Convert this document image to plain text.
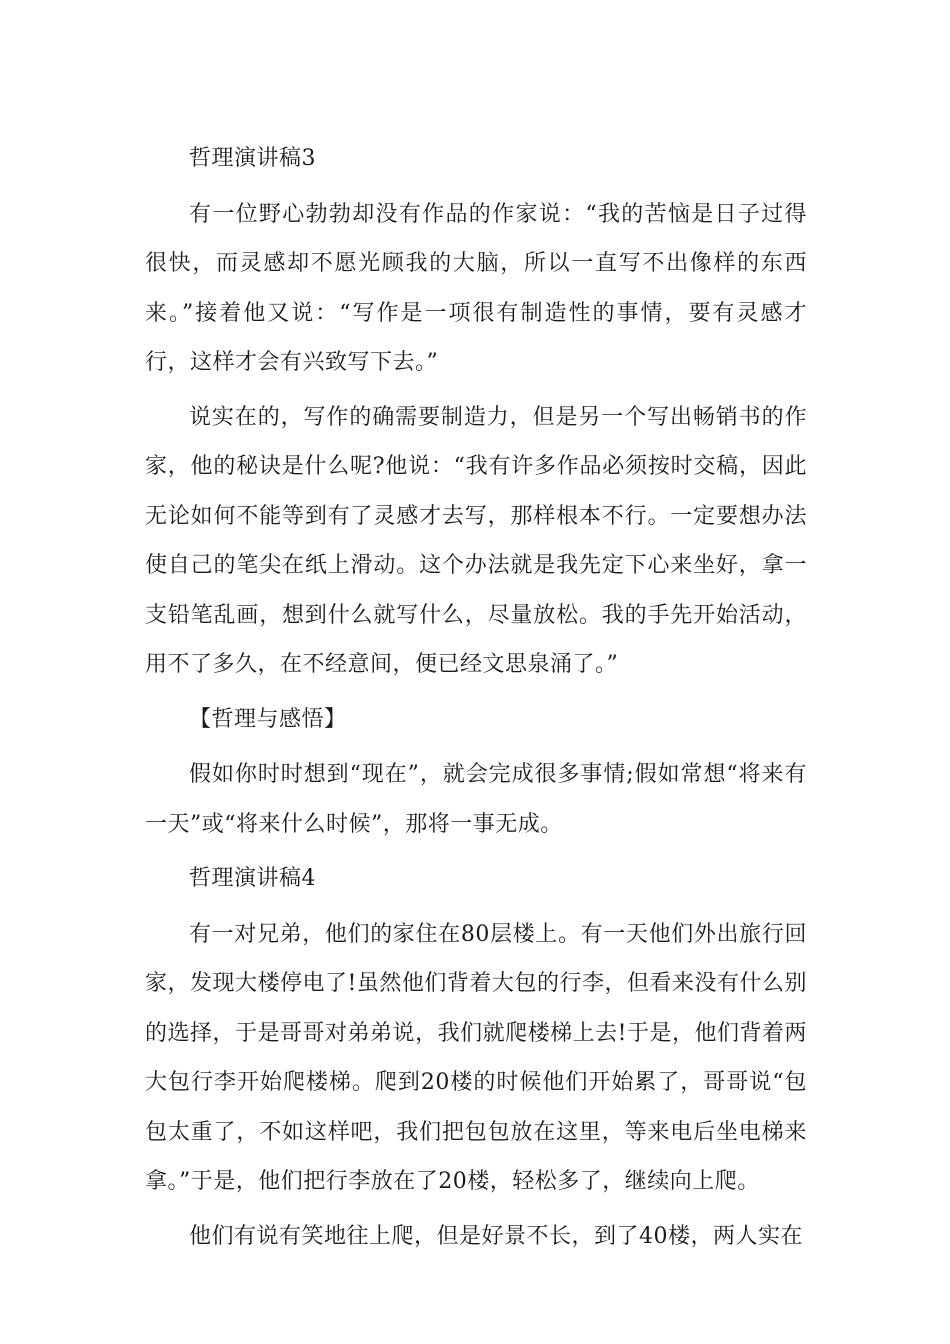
哲理演讲稿3

有一位野心勃勃却没有作品的作家说：“我的苦恼是日子过得很快，而灵感却不愿光顾我的大脑，所以一直写不出像样的东西来。”接着他又说：“写作是一项很有制造性的事情，要有灵感才行，这样才会有兴致写下去。”

说实在的，写作的确需要制造力，但是另一个写出畅销书的作家，他的秘诀是什么呢?他说：“我有许多作品必须按时交稿，因此无论如何不能等到有了灵感才去写，那样根本不行。一定要想办法使自己的笔尖在纸上滑动。这个办法就是我先定下心来坐好，拿一支铅笔乱画，想到什么就写什么，尽量放松。我的手先开始活动，用不了多久，在不经意间，便已经文思泉涌了。”

【哲理与感悟】

假如你时时想到“现在”，就会完成很多事情;假如常想“将来有一天”或“将来什么时候”，那将一事无成。

哲理演讲稿4

有一对兄弟，他们的家住在80层楼上。有一天他们外出旅行回家，发现大楼停电了!虽然他们背着大包的行李，但看来没有什么别的选择，于是哥哥对弟弟说，我们就爬楼梯上去!于是，他们背着两大包行李开始爬楼梯。爬到20楼的时候他们开始累了，哥哥说“包包太重了，不如这样吧，我们把包包放在这里，等来电后坐电梯来拿。”于是，他们把行李放在了20楼，轻松多了，继续向上爬。

他们有说有笑地往上爬，但是好景不长，到了40楼，两人实在
